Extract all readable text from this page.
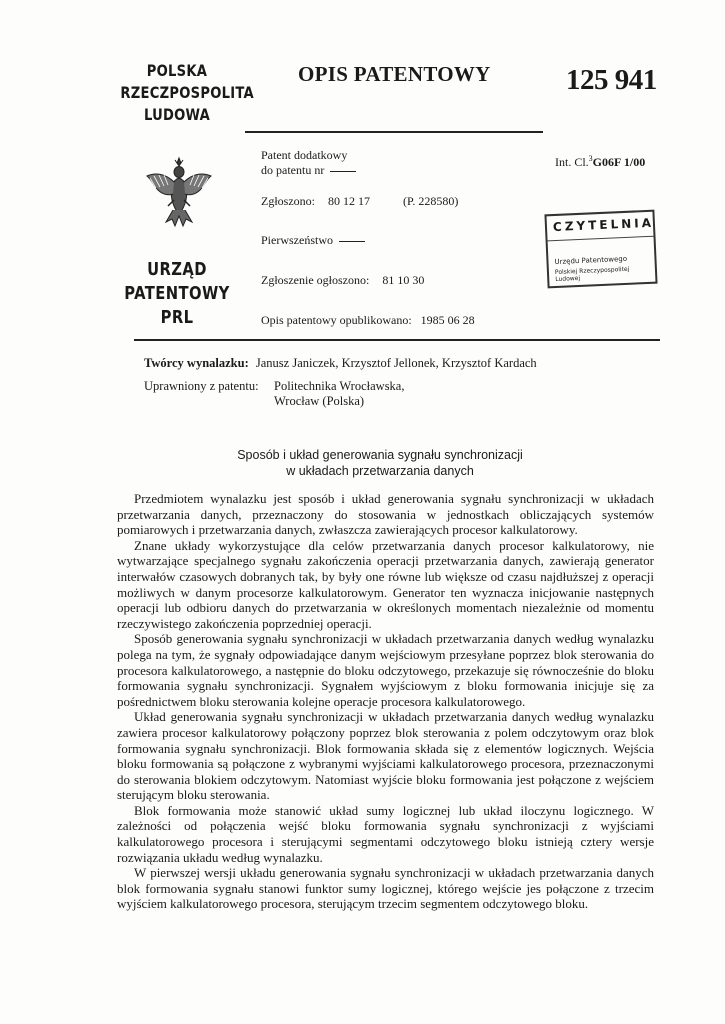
POLSKA
RZECZPOSPOLITA
LUDOWA
URZĄD
PATENTOWY
PRL
OPIS PATENTOWY	125 941
Patent dodatkowy
do patentu nr
Int. Cl.$^3$G06F 1/00
Zgłoszono: 80 12 17	(P. 228580)
Pierwszeństwo
Zgłoszenie ogłoszono: 81 10 30
Opis patentowy opublikowano: 1985 06 28
CZYTELNIA
Urzędu Patentowego
Polskiej Rzeczypospolitej Ludowej
Twórcy wynalazku: Janusz Janiczek, Krzysztof Jellonek, Krzysztof Kardach
Uprawniony z patentu: Politechnika Wrocławska,
Wrocław (Polska)
Sposób i układ generowania sygnału synchronizacji
w układach przetwarzania danych

Przedmiotem wynalazku jest sposób i układ generowania sygnału synchronizacji w układach przetwarzania danych, przeznaczony do stosowania w jednostkach obliczających systemów pomiarowych i przetwarzania danych, zwłaszcza zawierających procesor kalkulatorowy.

Znane układy wykorzystujące dla celów przetwarzania danych procesor kalkulatorowy, nie wytwarzające specjalnego sygnału zakończenia operacji przetwarzania danych, zawierają generator interwałów czasowych dobranych tak, by były one równe lub większe od czasu najdłuższej z operacji możliwych w danym procesorze kalkulatorowym. Generator ten wyznacza inicjowanie następnych operacji lub odbioru danych do przetwarzania w określonych momentach niezależnie od momentu rzeczywistego zakończenia poprzedniej operacji.

Sposób generowania sygnału synchronizacji w układach przetwarzania danych według wynalazku polega na tym, że sygnały odpowiadające danym wejściowym przesyłane poprzez blok sterowania do procesora kalkulatorowego, a następnie do bloku odczytowego, przekazuje się równocześnie do bloku formowania sygnału synchronizacji. Sygnałem wyjściowym z bloku formowania inicjuje się za pośrednictwem bloku sterowania kolejne operacje procesora kalkulatorowego.

Układ generowania sygnału synchronizacji w układach przetwarzania danych według wynalazku zawiera procesor kalkulatorowy połączony poprzez blok sterowania z polem odczytowym oraz blok formowania sygnału synchronizacji. Blok formowania składa się z elementów logicznych. Wejścia bloku formowania są połączone z wybranymi wyjściami kalkulatorowego procesora, przeznaczonymi do sterowania blokiem odczytowym. Natomiast wyjście bloku formowania jest połączone z wejściem sterującym bloku sterowania.

Blok formowania może stanowić układ sumy logicznej lub układ iloczynu logicznego. W zależności od połączenia wejść bloku formowania sygnału synchronizacji z wyjściami kalkulatorowego procesora i sterującymi segmentami odczytowego bloku istnieją cztery wersje rozwiązania układu według wynalazku.

W pierwszej wersji układu generowania sygnału synchronizacji w układach przetwarzania danych blok formowania sygnału stanowi funktor sumy logicznej, którego wejście jes połączone z trzecim wyjściem kalkulatorowego procesora, sterującym trzecim segmentem odczytowego bloku.
